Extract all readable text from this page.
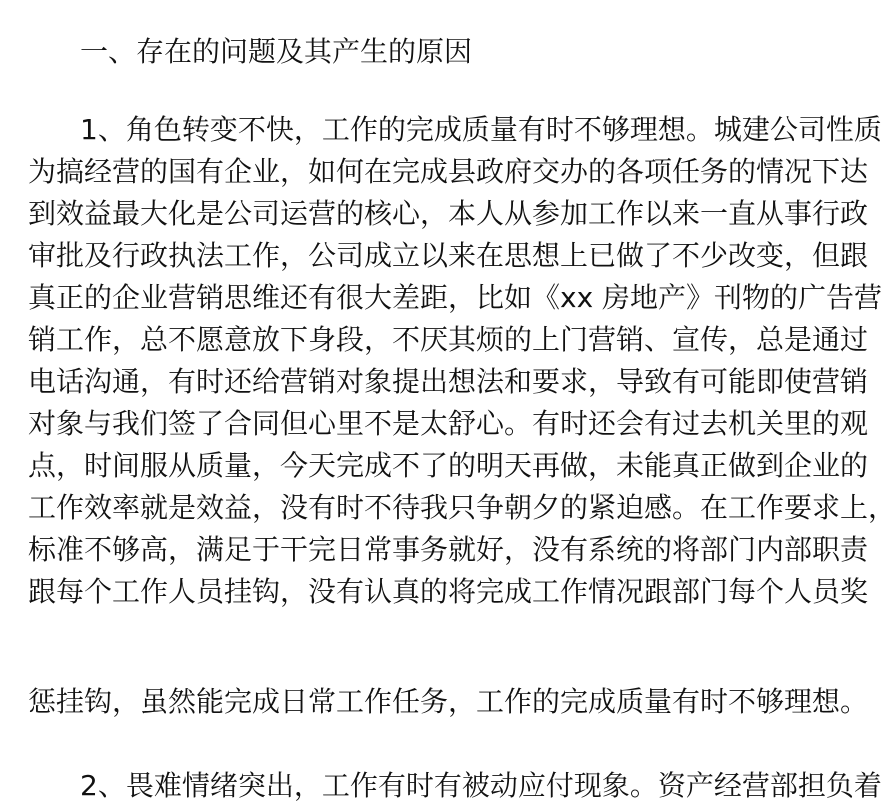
一、存在的问题及其产生的原因
1、角色转变不快，工作的完成质量有时不够理想。城建公司性质
为搞经营的国有企业，如何在完成县政府交办的各项任务的情况下达
到效益最大化是公司运营的核心，本人从参加工作以来一直从事行政
审批及行政执法工作，公司成立以来在思想上已做了不少改变，但跟
真正的企业营销思维还有很大差距，比如《xx 房地产》刊物的广告营
销工作，总不愿意放下身段，不厌其烦的上门营销、宣传，总是通过
电话沟通，有时还给营销对象提出想法和要求，导致有可能即使营销
对象与我们签了合同但心里不是太舒心。有时还会有过去机关里的观
点，时间服从质量，今天完成不了的明天再做，未能真正做到企业的
工作效率就是效益，没有时不待我只争朝夕的紧迫感。在工作要求上，
标准不够高，满足于干完日常事务就好，没有系统的将部门内部职责
跟每个工作人员挂钩，没有认真的将完成工作情况跟部门每个人员奖
惩挂钩，虽然能完成日常工作任务，工作的完成质量有时不够理想。
2、畏难情绪突出，工作有时有被动应付现象。资产经营部担负着
